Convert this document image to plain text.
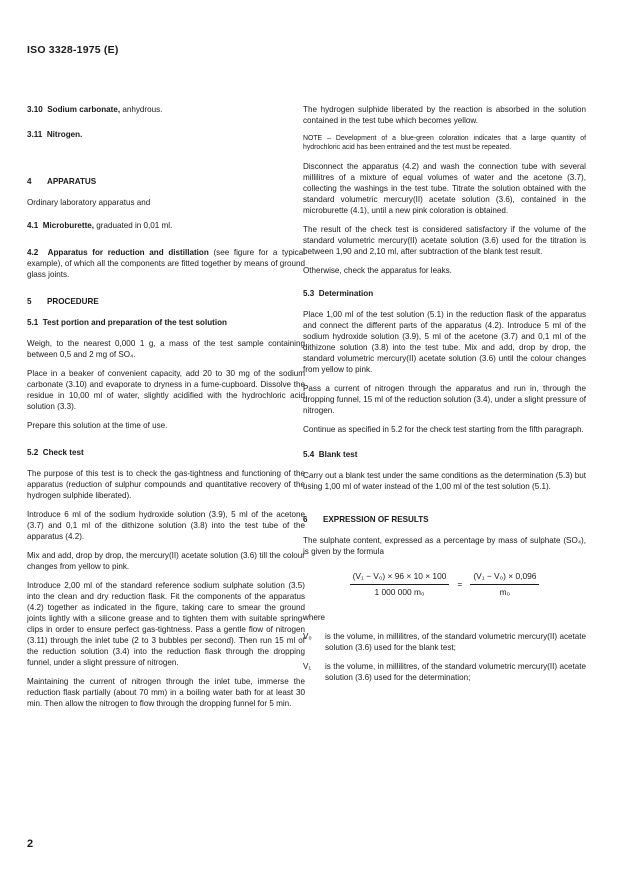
ISO 3328-1975 (E)

3.10 Sodium carbonate, anhydrous.

3.11 Nitrogen.

4 APPARATUS

Ordinary laboratory apparatus and

4.1 Microburette, graduated in 0,01 ml.

4.2 Apparatus for reduction and distillation (see figure for a typical example), of which all the components are fitted together by means of ground glass joints.

5 PROCEDURE

5.1 Test portion and preparation of the test solution

Weigh, to the nearest 0,000 1 g, a mass of the test sample containing between 0,5 and 2 mg of SO₄.

Place in a beaker of convenient capacity, add 20 to 30 mg of the sodium carbonate (3.10) and evaporate to dryness in a fume-cupboard. Dissolve the residue in 10,00 ml of water, slightly acidified with the hydrochloric acid solution (3.3).

Prepare this solution at the time of use.

5.2 Check test

The purpose of this test is to check the gas-tightness and functioning of the apparatus (reduction of sulphur compounds and quantitative recovery of the hydrogen sulphide liberated).

Introduce 6 ml of the sodium hydroxide solution (3.9), 5 ml of the acetone (3.7) and 0,1 ml of the dithizone solution (3.8) into the test tube of the apparatus (4.2).

Mix and add, drop by drop, the mercury(II) acetate solution (3.6) till the colour changes from yellow to pink.

Introduce 2,00 ml of the standard reference sodium sulphate solution (3.5) into the clean and dry reduction flask. Fit the components of the apparatus (4.2) together as indicated in the figure, taking care to smear the ground joints lightly with a silicone grease and to tighten them with suitable spring-clips in order to ensure perfect gas-tightness. Pass a gentle flow of nitrogen (3.11) through the inlet tube (2 to 3 bubbles per second). Then run 15 ml of the reduction solution (3.4) into the reduction flask through the dropping funnel, under a slight pressure of nitrogen.

Maintaining the current of nitrogen through the inlet tube, immerse the reduction flask partially (about 70 mm) in a boiling water bath for at least 30 min. Then allow the nitrogen to flow through the dropping funnel for 5 min.

The hydrogen sulphide liberated by the reaction is absorbed in the solution contained in the test tube which becomes yellow.

NOTE – Development of a blue-green coloration indicates that a large quantity of hydrochloric acid has been entrained and the test must be repeated.

Disconnect the apparatus (4.2) and wash the connection tube with several millilitres of a mixture of equal volumes of water and the acetone (3.7), collecting the washings in the test tube. Titrate the solution obtained with the standard volumetric mercury(II) acetate solution (3.6), contained in the microburette (4.1), until a new pink coloration is obtained.

The result of the check test is considered satisfactory if the volume of the standard volumetric mercury(II) acetate solution (3.6) used for the titration is between 1,90 and 2,10 ml, after subtraction of the blank test result.

Otherwise, check the apparatus for leaks.

5.3 Determination

Place 1,00 ml of the test solution (5.1) in the reduction flask of the apparatus and connect the different parts of the apparatus (4.2). Introduce 5 ml of the sodium hydroxide solution (3.9), 5 ml of the acetone (3.7) and 0,1 ml of the dithizone solution (3.8) into the test tube. Mix and add, drop by drop, the standard volumetric mercury(II) acetate solution (3.6) until the colour changes from yellow to pink.

Pass a current of nitrogen through the apparatus and run in, through the dropping funnel, 15 ml of the reduction solution (3.4), under a slight pressure of nitrogen.

Continue as specified in 5.2 for the check test starting from the fifth paragraph.

5.4 Blank test

Carry out a blank test under the same conditions as the determination (5.3) but using 1,00 ml of water instead of the 1,00 ml of the test solution (5.1).

6 EXPRESSION OF RESULTS

The sulphate content, expressed as a percentage by mass of sulphate (SO₄), is given by the formula

$\frac{\text{(V₁ − V₀) × 96 × 10 × 100}}{\text{1 000 000 m₀}} = \frac{\text{(V₁ − V₀) × 0,096}}{\text{m₀}}$

where

V₀	is the volume, in millilitres, of the standard volumetric mercury(II) acetate solution (3.6) used for the blank test;
V₁	is the volume, in millilitres, of the standard volumetric mercury(II) acetate solution (3.6) used for the determination;
2
